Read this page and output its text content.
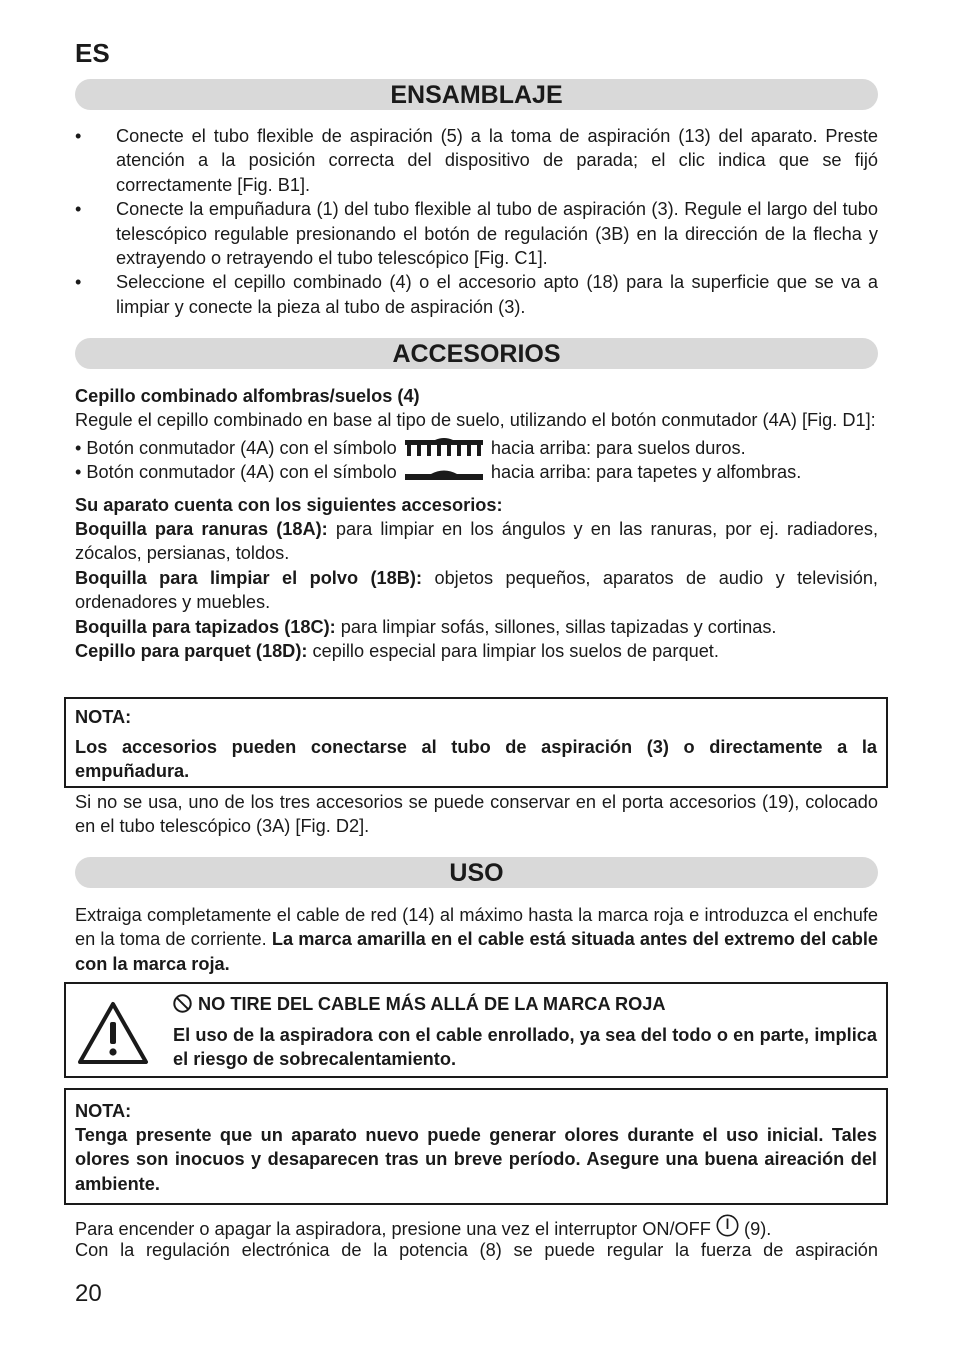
ES
ENSAMBLAJE
• Conecte el tubo flexible de aspiración (5) a la toma de aspiración (13) del aparato. Preste atención a la posición correcta del dispositivo de parada; el clic indica que se fijó correctamente [Fig. B1].
• Conecte la empuñadura (1) del tubo flexible al tubo de aspiración (3). Regule el largo del tubo telescópico regulable presionando el botón de regulación (3B) en la dirección de la flecha y extrayendo o retrayendo el tubo telescópico [Fig. C1].
• Seleccione el cepillo combinado (4) o el accesorio apto (18) para la superficie que se va a limpiar y conecte la pieza al tubo de aspiración (3).
ACCESORIOS
Cepillo combinado alfombras/suelos (4)
Regule el cepillo combinado en base al tipo de suelo, utilizando el botón conmutador (4A) [Fig. D1]:
• Botón conmutador (4A) con el símbolo	hacia arriba: para suelos duros.
• Botón conmutador (4A) con el símbolo	hacia arriba: para tapetes y alfombras.
Su aparato cuenta con los siguientes accesorios:
Boquilla para ranuras (18A): para limpiar en los ángulos y en las ranuras, por ej. radiadores, zócalos, persianas, toldos.
Boquilla para limpiar el polvo (18B): objetos pequeños, aparatos de audio y televisión, ordenadores y muebles.
Boquilla para tapizados (18C): para limpiar sofás, sillones, sillas tapizadas y cortinas.
Cepillo para parquet (18D): cepillo especial para limpiar los suelos de parquet.
NOTA:
Los accesorios pueden conectarse al tubo de aspiración (3) o directamente a la empuñadura.
Si no se usa, uno de los tres accesorios se puede conservar en el porta accesorios (19), colocado en el tubo telescópico (3A) [Fig. D2].
USO
Extraiga completamente el cable de red (14) al máximo hasta la marca roja e introduzca el enchufe en la toma de corriente. La marca amarilla en el cable está situada antes del extremo del cable con la marca roja.
NO TIRE DEL CABLE MÁS ALLÁ DE LA MARCA ROJA
El uso de la aspiradora con el cable enrollado, ya sea del todo o en parte, implica el riesgo de sobrecalentamiento.
NOTA:
Tenga presente que un aparato nuevo puede generar olores durante el uso inicial. Tales olores son inocuos y desaparecen tras un breve período. Asegure una buena aireación del ambiente.
Para encender o apagar la aspiradora, presione una vez el interruptor ON/OFF (9).
Con la regulación electrónica de la potencia (8) se puede regular la fuerza de aspiración
20
